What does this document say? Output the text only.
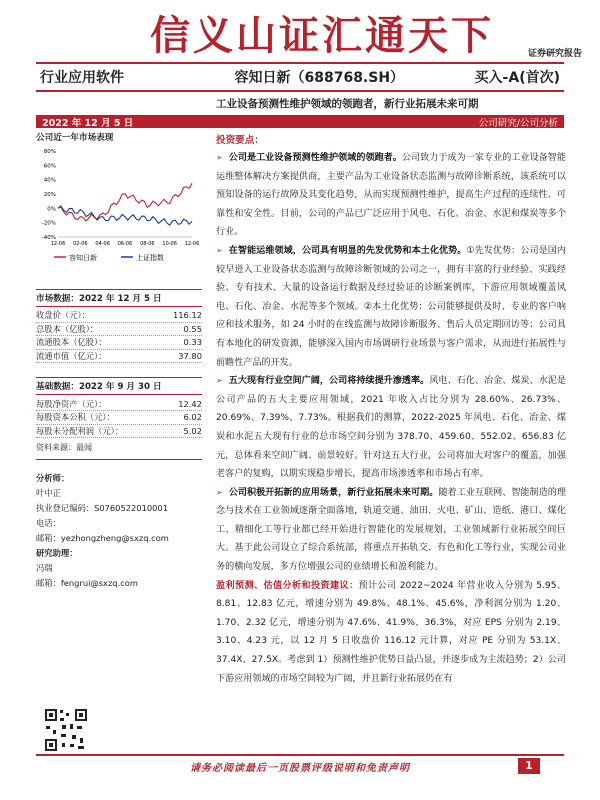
信义山证汇通天下	证券研究报告
行业应用软件	容知日新（688768.SH）	买入-A(首次)
工业设备预测性维护领域的领跑者，新行业拓展未来可期
2022 年 12 月 5 日	公司研究/公司分析
公司近一年市场表现
80%
60%
40%
20%
0%
-20%
-40%
12-06 02-06 04-06 06-06 08-06 10-06 12-06
容知日新	上证指数
市场数据：2022 年 12 月 5 日
收盘价（元）：	116.12
总股本（亿股）：	0.55
流通股本（亿股）：	0.33
流通市值（亿元）：	37.80
基础数据：2022 年 9 月 30 日
每股净资产（元）：	12.42
每股资本公积（元）：	6.02
每股未分配利润（元）：	5.02
资料来源：最闻
分析师：
叶中正
执业登记编码：S0760522010001
电话：
邮箱：yezhongzheng@sxzq.com
研究助理：
冯瑞
邮箱：fengrui@sxzq.com
投资要点：
➢ 公司是工业设备预测性维护领域的领跑者。公司致力于成为一家专业的工业设备智能运维整体解决方案提供商，主要产品为工业设备状态监测与故障诊断系统，该系统可以预知设备的运行故障及其变化趋势，从而实现预测性维护，提高生产过程的连续性、可靠性和安全性。目前，公司的产品已广泛应用于风电、石化、冶金、水泥和煤炭等多个行业。
➢ 在智能运维领域，公司具有明显的先发优势和本土化优势。①先发优势：公司是国内较早进入工业设备状态监测与故障诊断领域的公司之一，拥有丰富的行业经验、实践经验、专有技术、大量的设备运行数据及经过验证的诊断案例库，下游应用领域覆盖风电、石化、冶金、水泥等多个领域。②本土化优势：公司能够提供及时、专业的客户响应和技术服务，如 24 小时的在线监测与故障诊断服务、售后人员定期回访等；公司具有本地化的研发资源，能够深入国内市场调研行业场景与客户需求，从而进行拓展性与前瞻性产品的开发。
➢ 五大现有行业空间广阔，公司将持续提升渗透率。风电、石化、冶金、煤炭、水泥是公司产品的五大主要应用领域，2021 年收入占比分别为 28.60%、26.73%、20.69%、7.39%、7.73%。根据我们的测算，2022-2025 年风电、石化、冶金、煤炭和水泥五大现有行业的总市场空间分别为 378.70、459.60、552.02、656.83 亿元，总体看来空间广阔、前景较好。针对这五大行业，公司将加大对客户的覆盖，加强老客户的复购，以期实现稳步增长，提高市场渗透率和市场占有率。
➢ 公司积极开拓新的应用场景，新行业拓展未来可期。随着工业互联网、智能制造的理念与技术在工业领域逐渐全面落地，轨道交通、油田、火电、矿山、造纸、港口、煤化工、精细化工等行业都已经开始进行智能化的发展规划，工业领域新行业拓展空间巨大。基于此公司设立了综合系统部，将重点开拓轨交、有色和化工等行业，实现公司业务的横向发展，多方位增强公司的业绩增长和盈利能力。
盈利预测、估值分析和投资建议：预计公司 2022~2024 年营业收入分别为 5.95、8.81、12.83 亿元，增速分别为 49.8%、48.1%、45.6%，净利润分别为 1.20、1.70、2.32 亿元，增速分别为 47.6%、41.9%、36.3%，对应 EPS 分别为 2.19、3.10、4.23 元，以 12 月 5 日收盘价 116.12 元计算，对应 PE 分别为 53.1X、37.4X、27.5X。考虑到 1）预测性维护优势日益凸显，并逐步成为主流趋势；2）公司下游应用领域的市场空间较为广阔，并且新行业拓展仍在有
请务必阅读最后一页股票评级说明和免责声明	1
